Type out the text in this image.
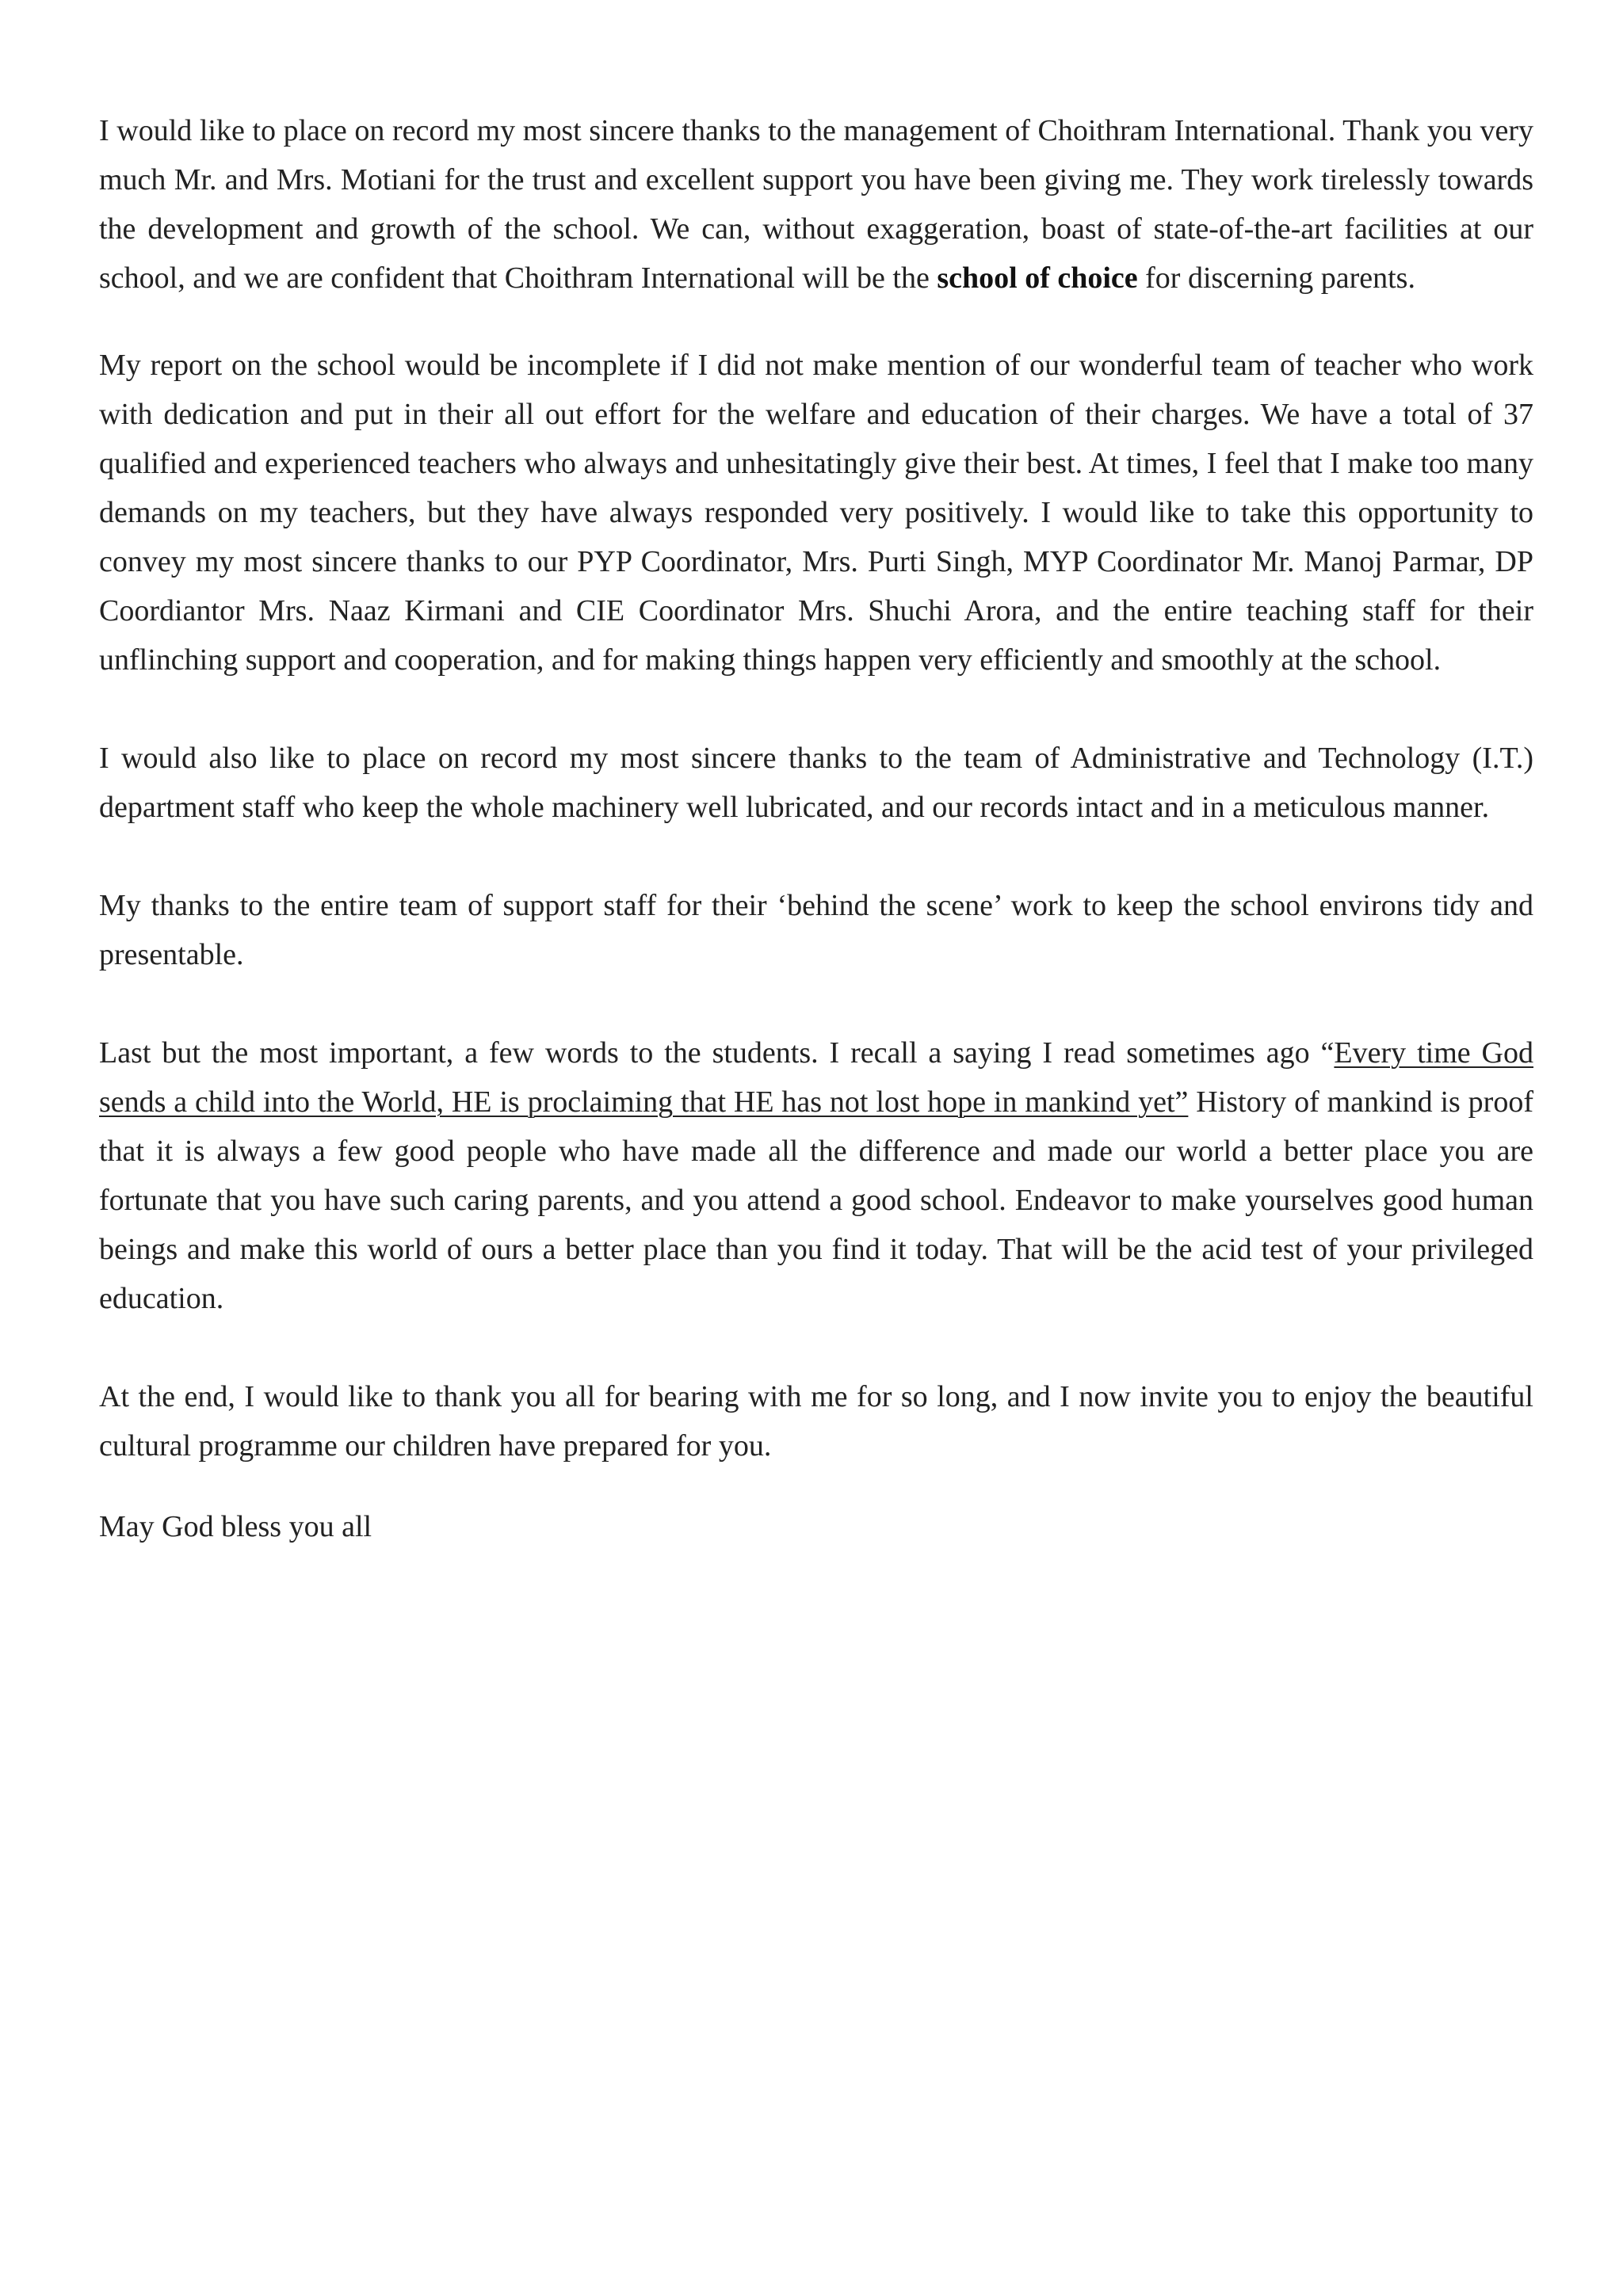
I would like to place on record my most sincere thanks to the management of Choithram International. Thank you very much Mr. and Mrs. Motiani for the trust and excellent support you have been giving me. They work tirelessly towards the development and growth of the school. We can, without exaggeration, boast of state-of-the-art facilities at our school, and we are confident that Choithram International will be the school of choice for discerning parents.

My report on the school would be incomplete if I did not make mention of our wonderful team of teacher who work with dedication and put in their all out effort for the welfare and education of their charges. We have a total of 37 qualified and experienced teachers who always and unhesitatingly give their best. At times, I feel that I make too many demands on my teachers, but they have always responded very positively. I would like to take this opportunity to convey my most sincere thanks to our PYP Coordinator, Mrs. Purti Singh, MYP Coordinator Mr. Manoj Parmar, DP Coordiantor Mrs. Naaz Kirmani and CIE Coordinator Mrs. Shuchi Arora, and the entire teaching staff for their unflinching support and cooperation, and for making things happen very efficiently and smoothly at the school.

I would also like to place on record my most sincere thanks to the team of Administrative and Technology (I.T.) department staff who keep the whole machinery well lubricated, and our records intact and in a meticulous manner.

My thanks to the entire team of support staff for their ‘behind the scene’ work to keep the school environs tidy and presentable.

Last but the most important, a few words to the students. I recall a saying I read sometimes ago “Every time God sends a child into the World, HE is proclaiming that HE has not lost hope in mankind yet” History of mankind is proof that it is always a few good people who have made all the difference and made our world a better place you are fortunate that you have such caring parents, and you attend a good school. Endeavor to make yourselves good human beings and make this world of ours a better place than you find it today. That will be the acid test of your privileged education.

At the end, I would like to thank you all for bearing with me for so long, and I now invite you to enjoy the beautiful cultural programme our children have prepared for you.

May God bless you all
